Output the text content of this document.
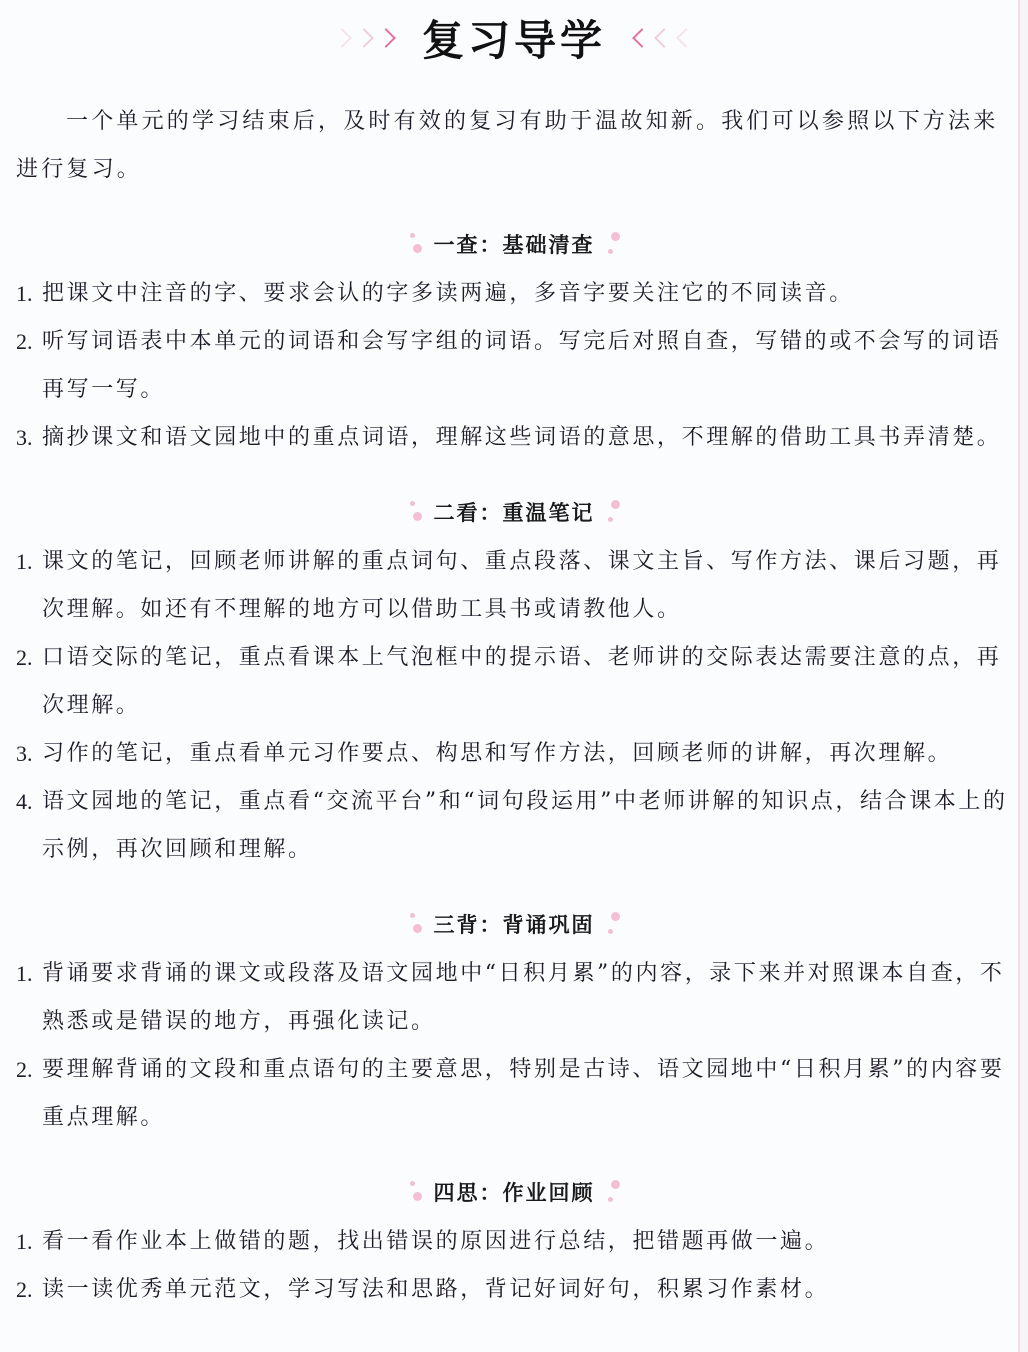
复习导学

一个单元的学习结束后，及时有效的复习有助于温故知新。我们可以参照以下方法来进行复习。

一查：基础清查
1. 把课文中注音的字、要求会认的字多读两遍，多音字要关注它的不同读音。
2. 听写词语表中本单元的词语和会写字组的词语。写完后对照自查，写错的或不会写的词语再写一写。
3. 摘抄课文和语文园地中的重点词语，理解这些词语的意思，不理解的借助工具书弄清楚。
二看：重温笔记
1. 课文的笔记，回顾老师讲解的重点词句、重点段落、课文主旨、写作方法、课后习题，再次理解。如还有不理解的地方可以借助工具书或请教他人。
2. 口语交际的笔记，重点看课本上气泡框中的提示语、老师讲的交际表达需要注意的点，再次理解。
3. 习作的笔记，重点看单元习作要点、构思和写作方法，回顾老师的讲解，再次理解。
4. 语文园地的笔记，重点看“交流平台”和“词句段运用”中老师讲解的知识点，结合课本上的示例，再次回顾和理解。
三背：背诵巩固
1. 背诵要求背诵的课文或段落及语文园地中“日积月累”的内容，录下来并对照课本自查，不熟悉或是错误的地方，再强化读记。
2. 要理解背诵的文段和重点语句的主要意思，特别是古诗、语文园地中“日积月累”的内容要重点理解。
四思：作业回顾
1. 看一看作业本上做错的题，找出错误的原因进行总结，把错题再做一遍。
2. 读一读优秀单元范文，学习写法和思路，背记好词好句，积累习作素材。
